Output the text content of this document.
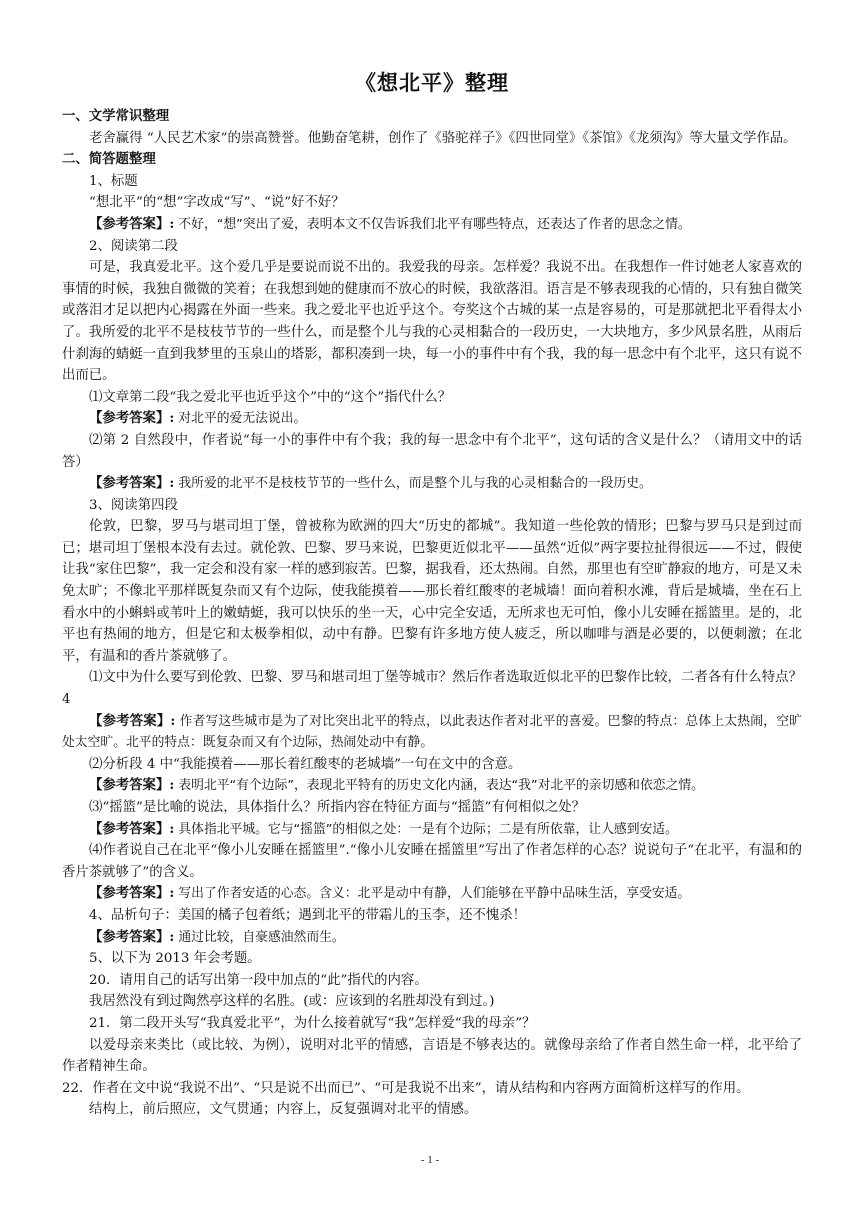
《想北平》整理
一、文学常识整理
老舍赢得 “人民艺术家”的崇高赞誉。他勤奋笔耕，创作了《骆驼祥子》《四世同堂》《茶馆》《龙须沟》等大量文学作品。
二、简答题整理
1、标题
“想北平”的“想”字改成“写”、“说”好不好？
【参考答案】: 不好，“想”突出了爱，表明本文不仅告诉我们北平有哪些特点，还表达了作者的思念之情。
2、阅读第二段
可是，我真爱北平。这个爱几乎是要说而说不出的。我爱我的母亲。怎样爱？我说不出。在我想作一件讨她老人家喜欢的事情的时候，我独自微微的笑着；在我想到她的健康而不放心的时候，我欲落泪。语言是不够表现我的心情的，只有独自微笑或落泪才足以把内心揭露在外面一些来。我之爱北平也近乎这个。夸奖这个古城的某一点是容易的，可是那就把北平看得太小了。我所爱的北平不是枝枝节节的一些什么，而是整个儿与我的心灵相黏合的一段历史，一大块地方，多少风景名胜，从雨后什刹海的蜻蜓一直到我梦里的玉泉山的塔影，都积凑到一块，每一小的事件中有个我，我的每一思念中有个北平，这只有说不出而已。
⑴文章第二段“我之爱北平也近乎这个”中的“这个”指代什么？
【参考答案】: 对北平的爱无法说出。
⑵第 2 自然段中，作者说“每一小的事件中有个我；我的每一思念中有个北平”，这句话的含义是什么？（请用文中的话答）
【参考答案】: 我所爱的北平不是枝枝节节的一些什么，而是整个儿与我的心灵相黏合的一段历史。
3、阅读第四段
伦敦，巴黎，罗马与堪司坦丁堡，曾被称为欧洲的四大“历史的都城”。我知道一些伦敦的情形；巴黎与罗马只是到过而已；堪司坦丁堡根本没有去过。就伦敦、巴黎、罗马来说，巴黎更近似北平——虽然“近似”两字要拉扯得很远——不过，假使让我“家住巴黎”，我一定会和没有家一样的感到寂苦。巴黎，据我看，还太热闹。自然，那里也有空旷静寂的地方，可是又未免太旷；不像北平那样既复杂而又有个边际，使我能摸着——那长着红酸枣的老城墙！面向着积水滩，背后是城墙，坐在石上看水中的小蝌蚪或苇叶上的嫩蜻蜓，我可以快乐的坐一天，心中完全安适，无所求也无可怕，像小儿安睡在摇篮里。是的，北平也有热闹的地方，但是它和太极拳相似，动中有静。巴黎有许多地方使人疲乏，所以咖啡与酒是必要的，以便刺激；在北平，有温和的香片茶就够了。
⑴文中为什么要写到伦敦、巴黎、罗马和堪司坦丁堡等城市？然后作者选取近似北平的巴黎作比较，二者各有什么特点？4
【参考答案】: 作者写这些城市是为了对比突出北平的特点，以此表达作者对北平的喜爱。巴黎的特点：总体上太热闹，空旷处太空旷。北平的特点：既复杂而又有个边际，热闹处动中有静。
⑵分析段 4 中“我能摸着——那长着红酸枣的老城墙”一句在文中的含意。
【参考答案】: 表明北平“有个边际”，表现北平特有的历史文化内涵，表达“我”对北平的亲切感和依恋之情。
⑶“摇篮”是比喻的说法，具体指什么？所指内容在特征方面与“摇篮”有何相似之处？
【参考答案】: 具体指北平城。它与“摇篮”的相似之处：一是有个边际；二是有所依靠，让人感到安适。
⑷作者说自己在北平“像小儿安睡在摇篮里”.“像小儿安睡在摇篮里”写出了作者怎样的心态？说说句子“在北平，有温和的香片茶就够了”的含义。
【参考答案】: 写出了作者安适的心态。含义：北平是动中有静，人们能够在平静中品味生活，享受安适。
4、品析句子：美国的橘子包着纸；遇到北平的带霜儿的玉李，还不愧杀！
【参考答案】: 通过比较，自豪感油然而生。
5、以下为 2013 年会考题。
20．请用自己的话写出第一段中加点的“此”指代的内容。
我居然没有到过陶然亭这样的名胜。(或：应该到的名胜却没有到过。)
21．第二段开头写“我真爱北平”，为什么接着就写“我”怎样爱“我的母亲”？
以爱母亲来类比（或比较、为例），说明对北平的情感，言语是不够表达的。就像母亲给了作者自然生命一样，北平给了作者精神生命。
22．作者在文中说“我说不出”、“只是说不出而已”、“可是我说不出来”，请从结构和内容两方面简析这样写的作用。
结构上，前后照应，文气贯通；内容上，反复强调对北平的情感。
- 1 -
